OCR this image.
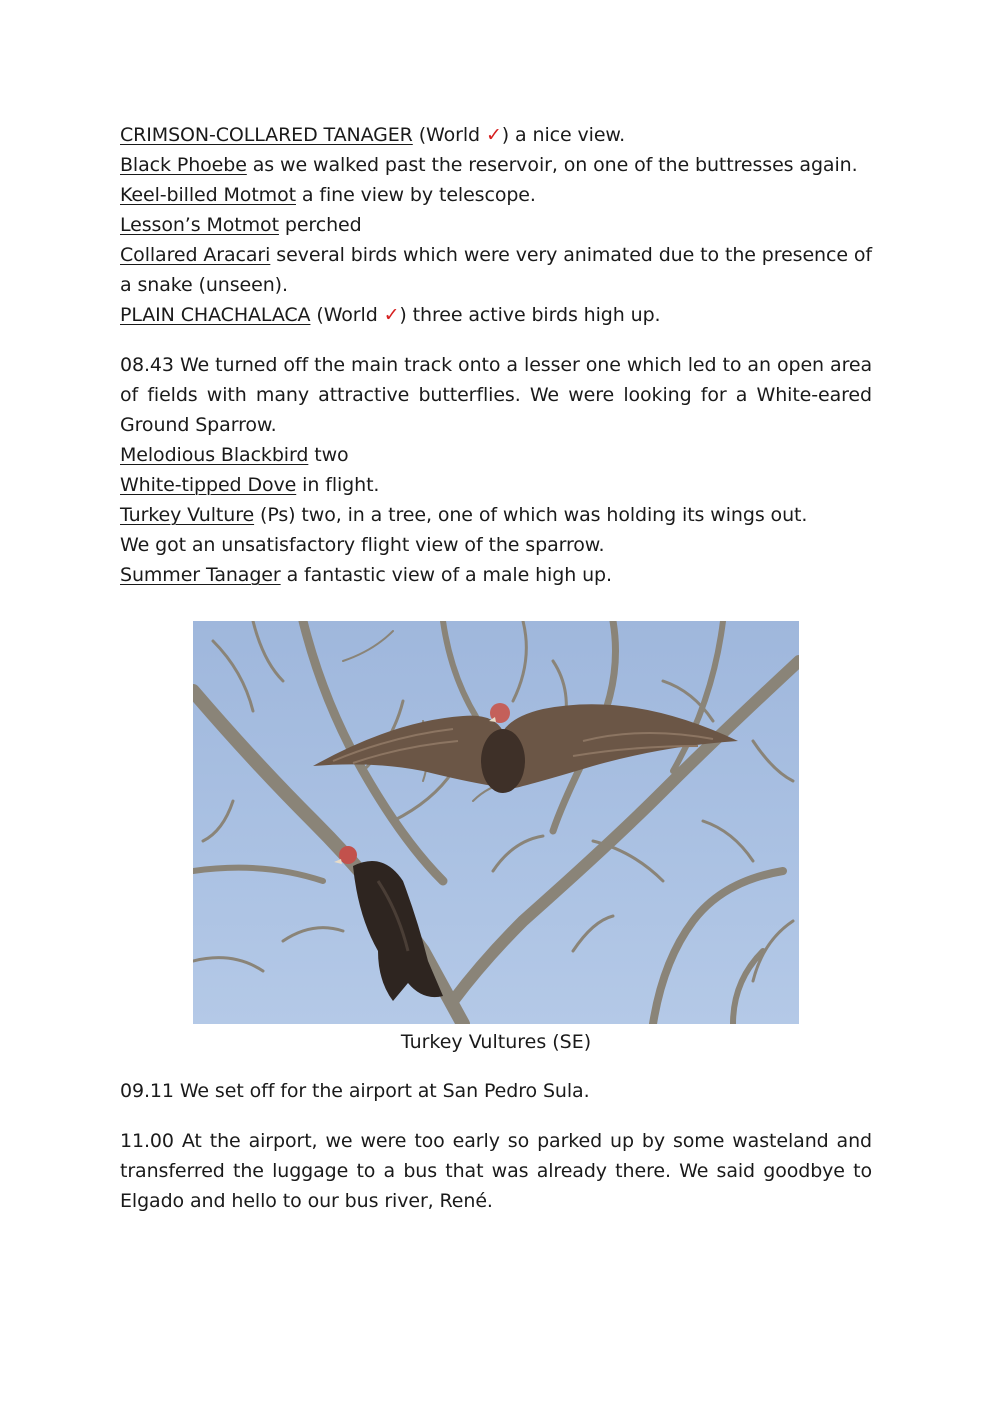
CRIMSON-COLLARED TANAGER (World ✓) a nice view.
Black Phoebe as we walked past the reservoir, on one of the buttresses again.
Keel-billed Motmot a fine view by telescope.
Lesson’s Motmot perched
Collared Aracari several birds which were very animated due to the presence of
a snake (unseen).
PLAIN CHACHALACA (World ✓) three active birds high up.
08.43 We turned off the main track onto a lesser one which led to an open area
of fields with many attractive butterflies. We were looking for a White-eared
Ground Sparrow.
Melodious Blackbird two
White-tipped Dove in flight.
Turkey Vulture (Ps) two, in a tree, one of which was holding its wings out.
We got an unsatisfactory flight view of the sparrow.
Summer Tanager a fantastic view of a male high up.
Turkey Vultures (SE)
09.11 We set off for the airport at San Pedro Sula.
11.00 At the airport, we were too early so parked up by some wasteland and
transferred the luggage to a bus that was already there. We said goodbye to
Elgado and hello to our bus river, René.
